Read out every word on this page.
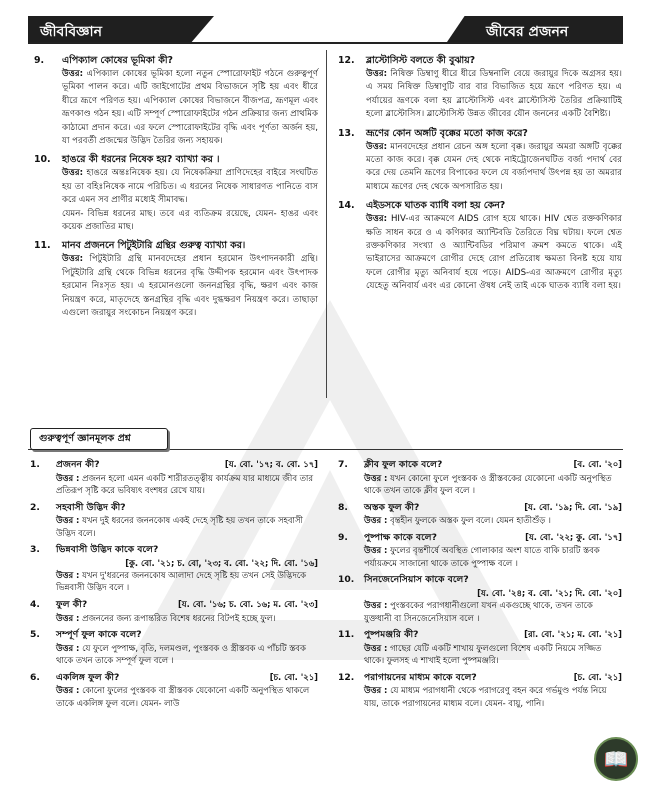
জীববিজ্ঞান	জীবের প্রজনন
9. এপিক্যাল কোষের ভূমিকা কী?
উত্তর: এপিক্যাল কোষের ভূমিকা হলো নতুন স্পোরোফাইট গঠনে গুরুত্বপূর্ণ ভূমিকা পালন করে। এটি জাইগোটের প্রথম বিভাজনে সৃষ্টি হয় এবং ধীরে ধীরে ভ্রূণে পরিণত হয়। এপিক্যাল কোষের বিভাজনে বীজপত্র, ভ্রূণমূল এবং ভ্রূণকাণ্ড গঠন হয়। এটি সম্পূর্ণ স্পোরোফাইটের গঠন প্রক্রিয়ার জন্য প্রাথমিক কাঠামো প্রদান করে। এর ফলে স্পোরোফাইটের বৃদ্ধি এবং পূর্ণতা অর্জন হয়, যা পরবর্তী প্রজন্মের উদ্ভিদ তৈরির জন্য সহায়ক।
10. হাঙরে কী ধরনের নিষেক হয়? ব্যাখ্যা কর ।
উত্তর: হাঙরে অন্তঃনিষেক হয়। যে নিষেকক্রিয়া প্রাণিদেহের বাইরে সংঘটিত হয় তা বহিঃনিষেক নামে পরিচিত। এ ধরনের নিষেক সাধারণত পানিতে বাস করে এমন সব প্রাণীর মধ্যেই সীমাবদ্ধ।
যেমন- বিভিন্ন ধরনের মাছ। তবে এর ব্যতিক্রম রয়েছে, যেমন- হাঙর এবং কয়েক প্রজাতির মাছ।
11. মানব প্রজননে পিটুইটারি গ্রন্থির গুরুত্ব ব্যাখ্যা কর।
উত্তর: পিটুইটারি গ্রন্থি মানবদেহের প্রধান হরমোন উৎপাদনকারী গ্রন্থি। পিটুইটারি গ্রন্থি থেকে বিভিন্ন ধরনের বৃদ্ধি উদ্দীপক হরমোন এবং উৎপাদক হরমোন নিঃসৃত হয়। এ হরমোনগুলো জননগ্রন্থির বৃদ্ধি, ক্ষরণ এবং কাজ নিয়ন্ত্রণ করে, মাতৃদেহে স্তনগ্রন্থির বৃদ্ধি এবং দুগ্ধক্ষরণ নিয়ন্ত্রণ করে। তাছাড়া এগুলো জরায়ুর সংকোচন নিয়ন্ত্রণ করে।
12. ব্লাস্টোসিস্ট বলতে কী বুঝায়?
উত্তর: নিষিক্ত ডিম্বাণু ধীরে ধীরে ডিম্বনালি বেয়ে জরায়ুর দিকে অগ্রসর হয়। এ সময় নিষিক্ত ডিম্বাণুটি বার বার বিভাজিত হয়ে ভ্রূণে পরিণত হয়। এ পর্যায়ের ভ্রূণকে বলা হয় ব্লাস্টোসিস্ট এবং ব্লাস্টোসিস্ট তৈরির প্রক্রিয়াটিই হলো ব্লাস্টোসিস। ব্লাস্টোসিস্ট উন্নত জীবের যৌন জননের একটি বৈশিষ্ট্য।
13. ভ্রূণের কোন অঙ্গটি বৃক্কের মতো কাজ করে?
উত্তর: মানবদেহের প্রধান রেচন অঙ্গ হলো বৃক্ক। জরায়ুর অমরা অঙ্গটি বৃক্কের মতো কাজ করে। বৃক্ক যেমন দেহ থেকে নাইট্রোজেনঘটিত বর্জ্য পদার্থ বের করে দেয় তেমনি ভ্রূণের বিপাকের ফলে যে বর্জ্যপদার্থ উৎপন্ন হয় তা অমরার মাধ্যমে ভ্রূণের দেহ থেকে অপসারিত হয়।
14. এইডসকে ঘাতক ব্যাধি বলা হয় কেন?
উত্তর: HIV-এর আক্রমণে AIDS রোগ হয়ে থাকে। HIV শ্বেত রক্তকণিকার ক্ষতি সাধন করে ও এ কণিকার অ্যান্টিবডি তৈরিতে বিঘ্ন ঘটায়। ফলে শ্বেত রক্তকণিকার সংখ্যা ও অ্যান্টিবডির পরিমাণ ক্রমশ কমতে থাকে। এই ভাইরাসের আক্রমণে রোগীর দেহে রোগ প্রতিরোধ ক্ষমতা বিনষ্ট হয়ে যায় ফলে রোগীর মৃত্যু অনিবার্য হয়ে পড়ে। AIDS-এর আক্রমণে রোগীর মৃত্যু যেহেতু অনিবার্য এবং এর কোনো ঔষধ নেই তাই একে ঘাতক ব্যাধি বলা হয়।
গুরুত্বপূর্ণ জ্ঞানমূলক প্রশ্ন
1. প্রজনন কী?	[য. বো. '১৭; ব. বো. ১৭]
উত্তর : প্রজনন হলো এমন একটি শারীরতত্ত্বীয় কার্যক্রম যার মাধ্যমে জীব তার প্রতিরূপ সৃষ্টি করে ভবিষ্যৎ বংশধর রেখে যায়।
2. সহবাসী উদ্ভিদ কী?
উত্তর : যখন দুই ধরনের জননকোষ একই দেহে সৃষ্টি হয় তখন তাকে সহবাসী উদ্ভিদ বলে।
3. ভিন্নবাসী উদ্ভিদ কাকে বলে?
[কু. বো. '২১; চ. বো, '২৩; ব. বো. '২২; দি. বো. '১৬]
উত্তর : যখন দু'ধরনের জননকোষ আলাদা দেহে সৃষ্টি হয় তখন সেই উদ্ভিদকে ভিন্নবাসী উদ্ভিদ বলে ।
4. ফুল কী?	[য. বো. '১৬; চ. বো. ১৬; ম. বো. '২৩]
উত্তর : প্রজননের জন্য রূপান্তরিত বিশেষ ধরনের বিটপই হচ্ছে ফুল।
5. সম্পূর্ণ ফুল কাকে বলে?
উত্তর : যে ফুলে পুষ্পাক্ষ, বৃতি, দলমণ্ডল, পুংস্তবক ও স্ত্রীস্তবক এ পাঁচটি স্তবক থাকে তখন তাকে সম্পূর্ণ ফুল বলে ।
6. একলিঙ্গ ফুল কী?	[চ. বো. '২১]
উত্তর : কোনো ফুলের পুংস্তবক বা স্ত্রীস্তবক যেকোনো একটি অনুপস্থিত থাকলে তাকে একলিঙ্গ ফুল বলে। যেমন- লাউ
7. ক্লীব ফুল কাকে বলে?	[ব. বো. '২০]
উত্তর : যখন কোনো ফুলে পুংস্তবক ও স্ত্রীস্তবকের যেকোনো একটি অনুপস্থিত থাকে তখন তাকে ক্লীব ফুল বলে ।
8. অস্তক ফুল কী?	[য. বো. '১৯; দি. বো. '১৯]
উত্তর : বৃন্তহীন ফুলকে অস্তক ফুল বলে। যেমন হাতীশুঁড় ।
9. পুষ্পাক্ষ কাকে বলে?	[য. বো. '২২; কু. বো. '১৭]
উত্তর : ফুলের বৃন্তশীর্ষে অবস্থিত গোলাকার অংশ যাতে বাকি চারটি স্তবক পর্যায়ক্রমে সাজানো থাকে তাকে পুষ্পাক্ষ বলে ।
10. সিনজেনেসিয়াস কাকে বলে?
[য. বো. '২৪; ব. বো. '২১; দি. বো. '২০]
উত্তর : পুংস্তবকের পরাগধানীগুলো যখন একগুচ্ছে থাকে, তখন তাকে যুক্তধানী বা সিনজেনেসিয়াস বলে ।
11. পুষ্পমঞ্জরি কী?	[রা. বো. '২১; ম. বো. '২১]
উত্তর : গাছের যেটি একটি শাখায় ফুলগুলো বিশেষ একটি নিয়মে সজ্জিত থাকে। ফুলসহ এ শাখাই হলো পুষ্পমঞ্জরি।
12. পরাগায়নের মাধ্যম কাকে বলে?	[চ. বো. '২১]
উত্তর : যে মাধ্যম পরাগধানী থেকে পরাগরেণু বহন করে গর্ভমুণ্ড পর্যন্ত নিয়ে যায়, তাকে পরাগায়নের মাধ্যম বলে। যেমন- বায়ু, পানি।
📖
